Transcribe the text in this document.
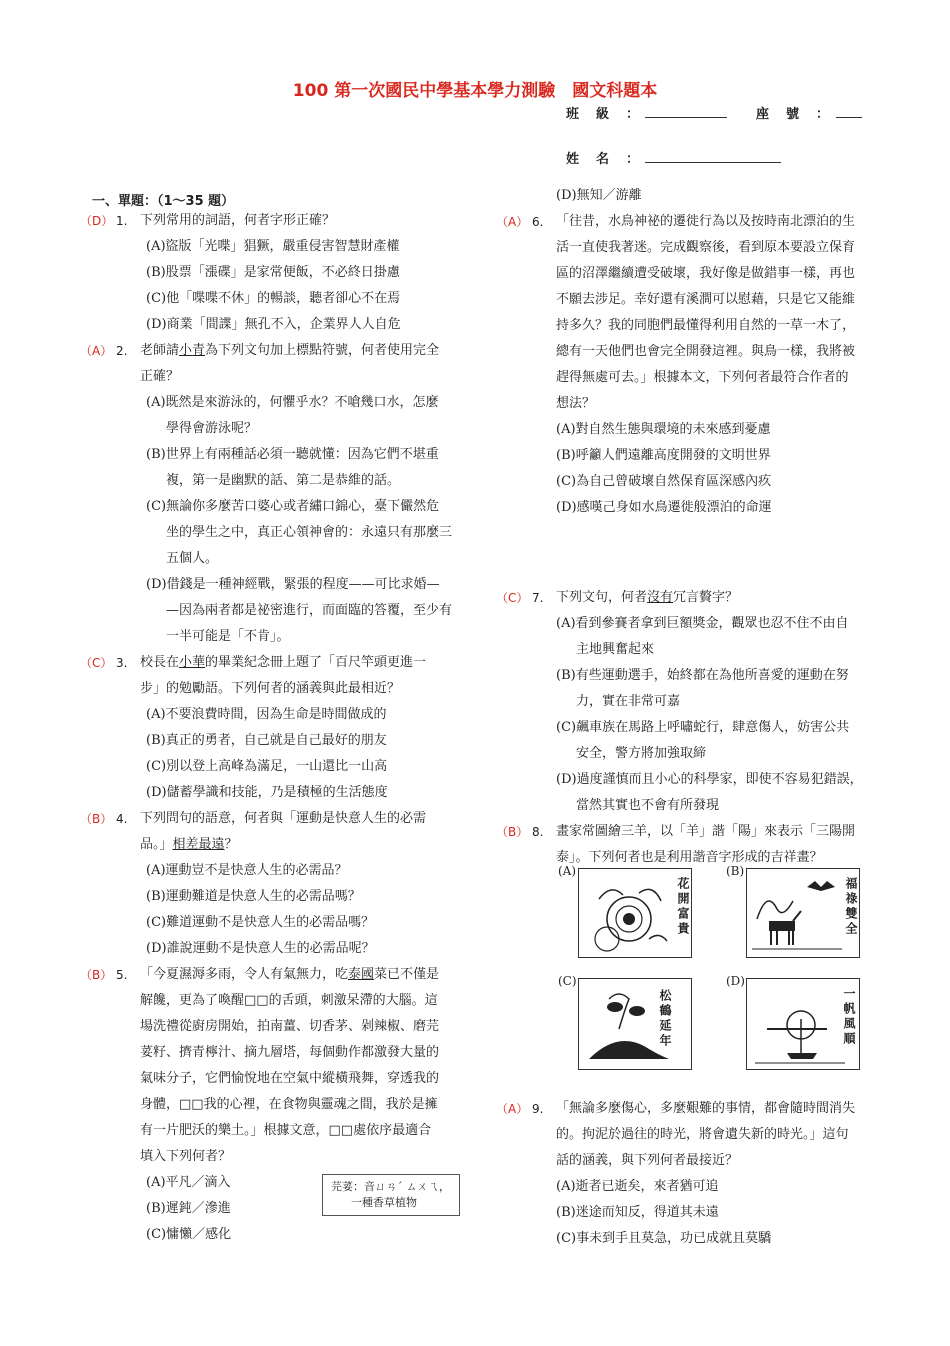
100 第一次國民中學基本學力測驗　國文科題本
班　級　：	座　號　：
姓　名　：
一、單題：（1～35 題）
（D） 1. 下列常用的詞語，何者字形正確？
(A)盜版「光喋」猖獗，嚴重侵害智慧財產權
(B)股票「漲碟」是家常便飯，不必終日掛慮
(C)他「喋喋不休」的暢談，聽者卻心不在焉
(D)商業「間諜」無孔不入，企業界人人自危
（A） 2. 老師請小青為下列文句加上標點符號，何者使用完全
正確？
(A)既然是來游泳的，何懼乎水？不嗆幾口水，怎麼
學得會游泳呢？
(B)世界上有兩種話必須一聽就懂：因為它們不堪重
複，第一是幽默的話、第二是恭維的話。
(C)無論你多麼苦口婆心或者繡口錦心，臺下儼然危
坐的學生之中，真正心領神會的：永遠只有那麼三
五個人。
(D)借錢是一種神經戰，緊張的程度——可比求婚—
—因為兩者都是祕密進行，而面臨的答覆，至少有
一半可能是「不肯」。
（C） 3. 校長在小華的畢業紀念冊上題了「百尺竿頭更進一
步」的勉勵語。下列何者的涵義與此最相近？
(A)不要浪費時間，因為生命是時間做成的
(B)真正的勇者，自己就是自己最好的朋友
(C)別以登上高峰為滿足，一山還比一山高
(D)儲蓄學識和技能，乃是積極的生活態度
（B） 4. 下列問句的語意，何者與「運動是快意人生的必需
品。」相差最遠？
(A)運動豈不是快意人生的必需品？
(B)運動難道是快意人生的必需品嗎？
(C)難道運動不是快意人生的必需品嗎？
(D)誰說運動不是快意人生的必需品呢？
（B） 5. 「今夏濕溽多雨，令人有氣無力，吃泰國菜已不僅是
解饞，更為了喚醒□□的舌頭，刺激呆滯的大腦。這
場洗禮從廚房開始，拍南薑、切香茅、剁辣椒、磨芫
荽籽、擠青檸汁、摘九層塔，每個動作都激發大量的
氣味分子，它們愉悅地在空氣中縱橫飛舞，穿透我的
身體，□□我的心裡，在食物與靈魂之間，我於是擁
有一片肥沃的樂土。」根據文意，□□處依序最適合
填入下列何者？
(A)平凡／滴入
(B)遲鈍／滲進
(C)慵懶／感化
芫荽：音ㄩㄢˊ ㄙㄨㄟ，
一種香草植物
(D)無知／游離
（A） 6. 「往昔，水鳥神祕的遷徙行為以及按時南北漂泊的生
活一直使我著迷。完成觀察後，看到原本要設立保育
區的沼澤繼續遭受破壞，我好像是做錯事一樣，再也
不願去涉足。幸好還有溪澗可以慰藉，只是它又能維
持多久？我的同胞們最懂得利用自然的一草一木了，
總有一天他們也會完全開發這裡。與鳥一樣，我將被
趕得無處可去。」根據本文，下列何者最符合作者的
想法？
(A)對自然生態與環境的未來感到憂慮
(B)呼籲人們遠離高度開發的文明世界
(C)為自己曾破壞自然保育區深感內疚
(D)感嘆己身如水鳥遷徙般漂泊的命運
（C） 7. 下列文句，何者沒有冗言贅字？
(A)看到參賽者拿到巨額獎金，觀眾也忍不住不由自
主地興奮起來
(B)有些運動選手，始終都在為他所喜愛的運動在努
力，實在非常可嘉
(C)飆車族在馬路上呼嘯蛇行，肆意傷人，妨害公共
安全，警方將加強取締
(D)過度謹慎而且小心的科學家，即使不容易犯錯誤，
當然其實也不會有所發現
（B） 8. 畫家常圖繪三羊，以「羊」諧「陽」來表示「三陽開
泰」。下列何者也是利用諧音字形成的吉祥畫？
(A)
花開富貴
(B)
福祿雙全
(C)
松鶴延年
(D)
一帆風順
（A） 9. 「無論多麼傷心，多麼艱難的事情，都會隨時間消失
的。拘泥於過往的時光，將會遺失新的時光。」這句
話的涵義，與下列何者最接近？
(A)逝者已逝矣，來者猶可追
(B)迷途而知反，得道其未遠
(C)事未到手且莫急，功已成就且莫驕
